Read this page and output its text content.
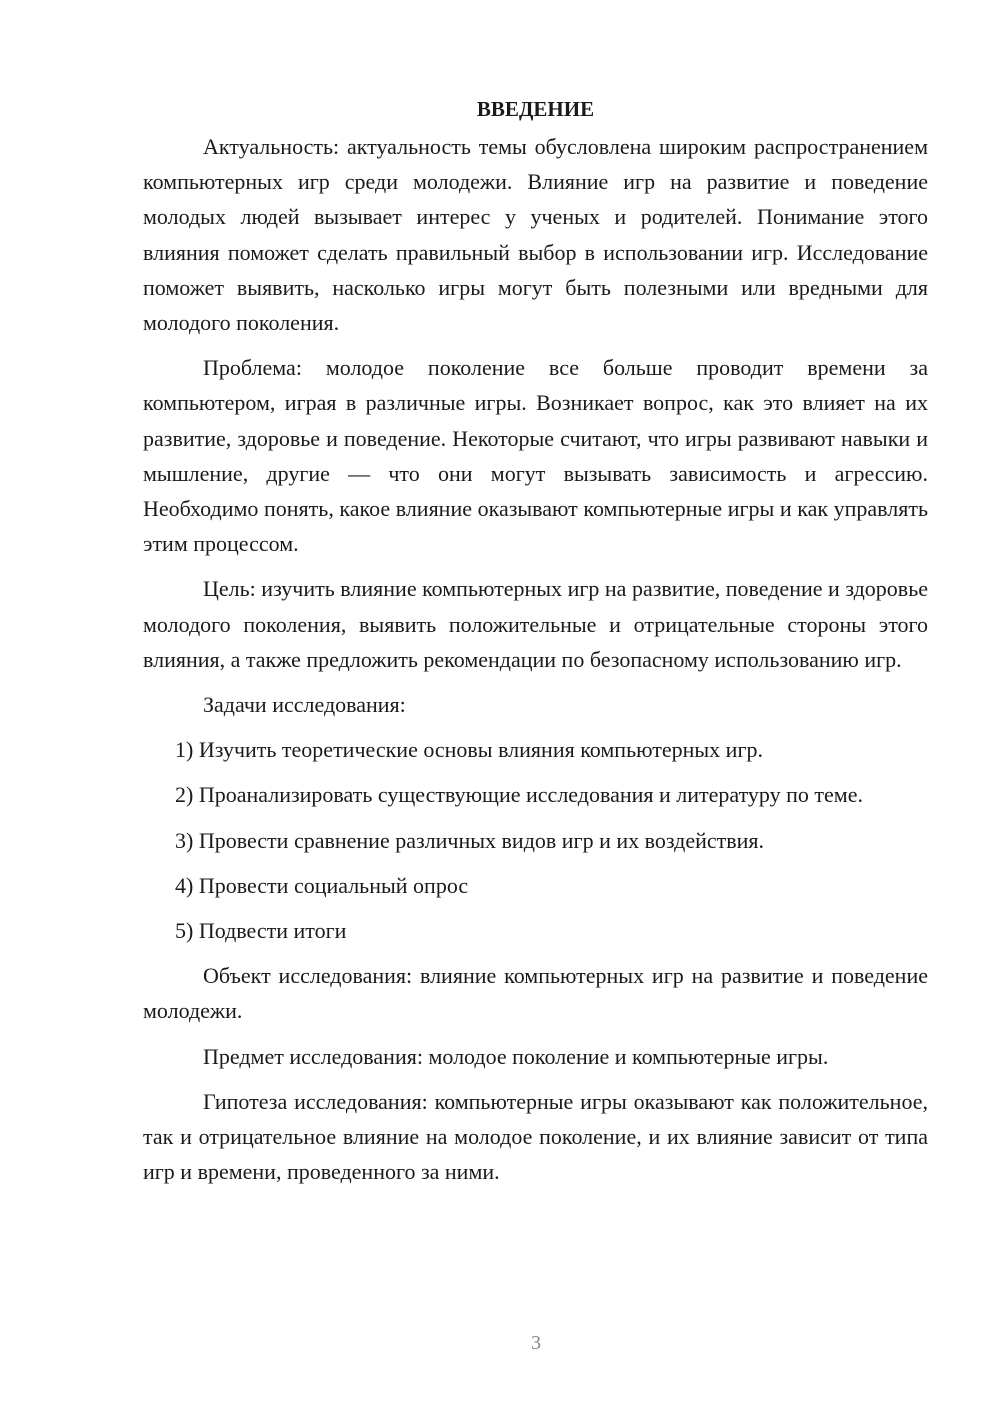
ВВЕДЕНИЕ

Актуальность: актуальность темы обусловлена широким распространением компьютерных игр среди молодежи. Влияние игр на развитие и поведение молодых людей вызывает интерес у ученых и родителей. Понимание этого влияния поможет сделать правильный выбор в использовании игр. Исследование поможет выявить, насколько игры могут быть полезными или вредными для молодого поколения.

Проблема: молодое поколение все больше проводит времени за компьютером, играя в различные игры. Возникает вопрос, как это влияет на их развитие, здоровье и поведение. Некоторые считают, что игры развивают навыки и мышление, другие — что они могут вызывать зависимость и агрессию. Необходимо понять, какое влияние оказывают компьютерные игры и как управлять этим процессом.

Цель: изучить влияние компьютерных игр на развитие, поведение и здоровье молодого поколения, выявить положительные и отрицательные стороны этого влияния, а также предложить рекомендации по безопасному использованию игр.

Задачи исследования:

1) Изучить теоретические основы влияния компьютерных игр.

2) Проанализировать существующие исследования и литературу по теме.

3) Провести сравнение различных видов игр и их воздействия.

4) Провести социальный опрос

5) Подвести итоги

Объект исследования: влияние компьютерных игр на развитие и поведение молодежи.

Предмет исследования: молодое поколение и компьютерные игры.

Гипотеза исследования: компьютерные игры оказывают как положительное, так и отрицательное влияние на молодое поколение, и их влияние зависит от типа игр и времени, проведенного за ними.

3
